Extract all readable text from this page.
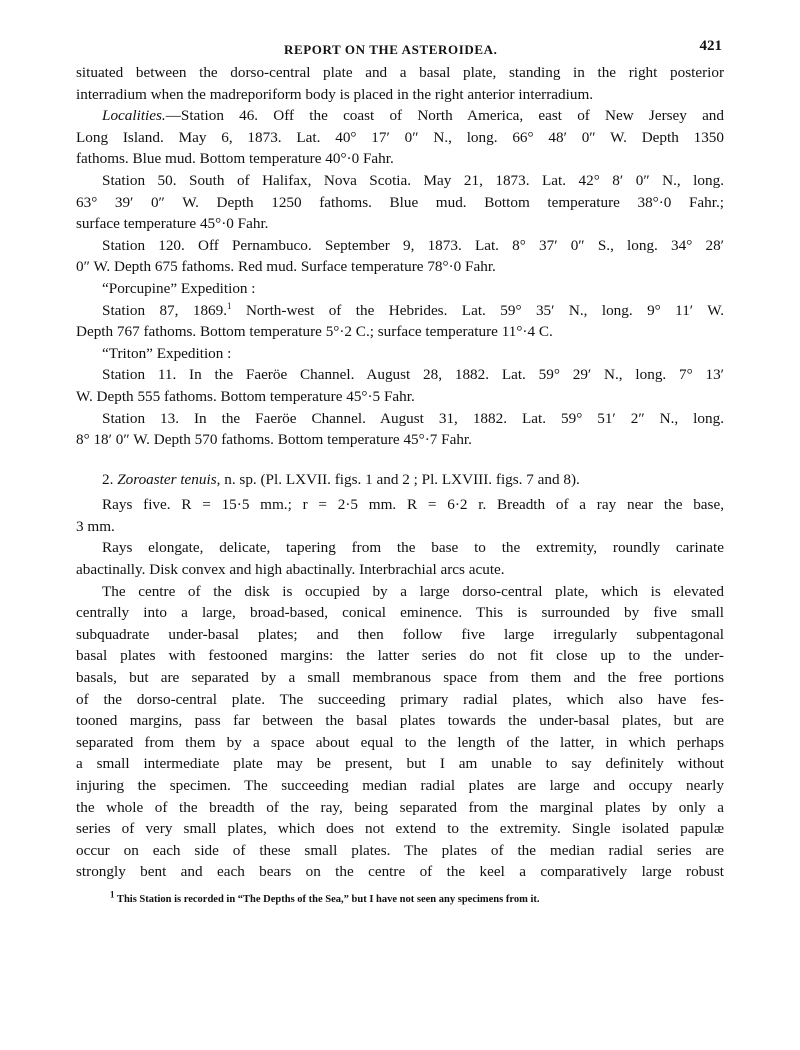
REPORT ON THE ASTEROIDEA.	421
situated between the dorso-central plate and a basal plate, standing in the right posterior
interradium when the madreporiform body is placed in the right anterior interradium.
Localities.—Station 46. Off the coast of North America, east of New Jersey and
Long Island. May 6, 1873. Lat. 40° 17′ 0″ N., long. 66° 48′ 0″ W. Depth 1350
fathoms. Blue mud. Bottom temperature 40°·0 Fahr.
Station 50. South of Halifax, Nova Scotia. May 21, 1873. Lat. 42° 8′ 0″ N., long.
63° 39′ 0″ W. Depth 1250 fathoms. Blue mud. Bottom temperature 38°·0 Fahr.;
surface temperature 45°·0 Fahr.
Station 120. Off Pernambuco. September 9, 1873. Lat. 8° 37′ 0″ S., long. 34° 28′
0″ W. Depth 675 fathoms. Red mud. Surface temperature 78°·0 Fahr.
“Porcupine” Expedition :
Station 87, 1869.$^1$ North-west of the Hebrides. Lat. 59° 35′ N., long. 9° 11′ W.
Depth 767 fathoms. Bottom temperature 5°·2 C.; surface temperature 11°·4 C.
“Triton” Expedition :
Station 11. In the Faeröe Channel. August 28, 1882. Lat. 59° 29′ N., long. 7° 13′
W. Depth 555 fathoms. Bottom temperature 45°·5 Fahr.
Station 13. In the Faeröe Channel. August 31, 1882. Lat. 59° 51′ 2″ N., long.
8° 18′ 0″ W. Depth 570 fathoms. Bottom temperature 45°·7 Fahr.
2. Zoroaster tenuis, n. sp. (Pl. LXVII. figs. 1 and 2 ; Pl. LXVIII. figs. 7 and 8).
Rays five. R = 15·5 mm.; r = 2·5 mm. R = 6·2 r. Breadth of a ray near the base,
3 mm.
Rays elongate, delicate, tapering from the base to the extremity, roundly carinate
abactinally. Disk convex and high abactinally. Interbrachial arcs acute.
The centre of the disk is occupied by a large dorso-central plate, which is elevated
centrally into a large, broad-based, conical eminence. This is surrounded by five small
subquadrate under-basal plates; and then follow five large irregularly subpentagonal
basal plates with festooned margins: the latter series do not fit close up to the under-
basals, but are separated by a small membranous space from them and the free portions
of the dorso-central plate. The succeeding primary radial plates, which also have fes-
tooned margins, pass far between the basal plates towards the under-basal plates, but are
separated from them by a space about equal to the length of the latter, in which perhaps
a small intermediate plate may be present, but I am unable to say definitely without
injuring the specimen. The succeeding median radial plates are large and occupy nearly
the whole of the breadth of the ray, being separated from the marginal plates by only a
series of very small plates, which does not extend to the extremity. Single isolated papulæ
occur on each side of these small plates. The plates of the median radial series are
strongly bent and each bears on the centre of the keel a comparatively large robust
$^1$ This Station is recorded in “The Depths of the Sea,” but I have not seen any specimens from it.
